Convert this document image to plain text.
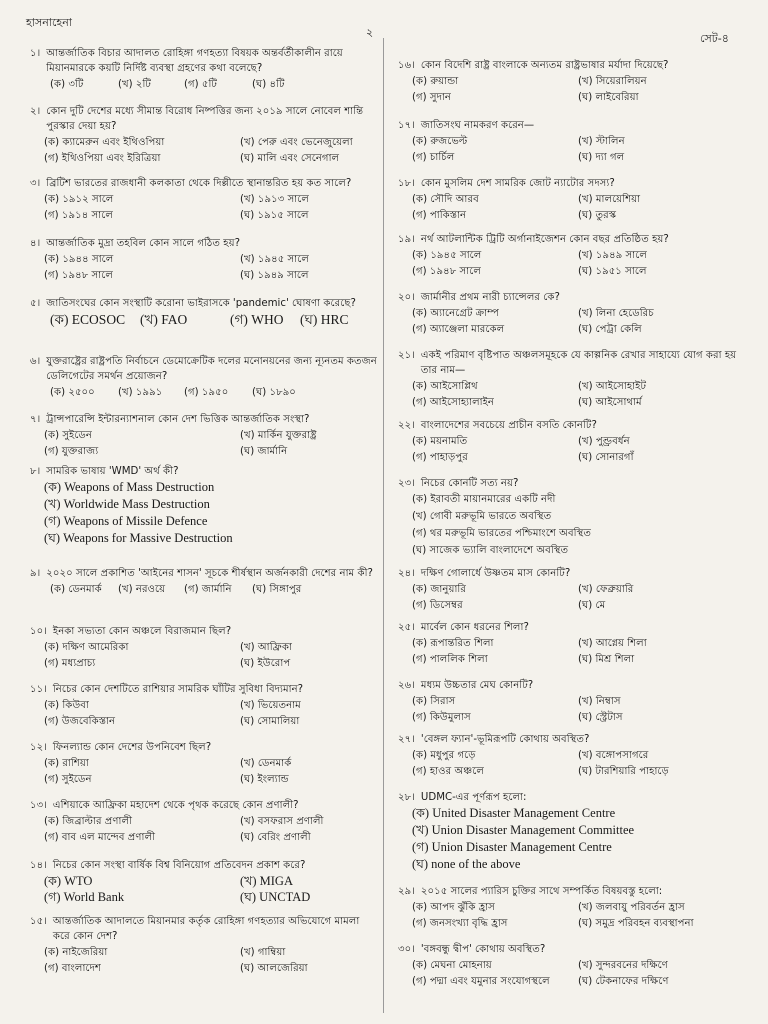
হাসনাহেনা
২	সেট-৪
১। আন্তর্জাতিক বিচার আদালত রোহিঙ্গা গণহত্যা বিষয়ক অন্তর্বর্তীকালীন রায়ে মিয়ানমারকে কয়টি নির্দিষ্ট ব্যবস্থা গ্রহণের কথা বলেছে?
(ক) ৩টি	(খ) ২টি	(গ) ৫টি	(ঘ) ৪টি
২। কোন দুটি দেশের মধ্যে সীমান্ত বিরোধ নিষ্পত্তির জন্য ২০১৯ সালে নোবেল শান্তি পুরস্কার দেয়া হয়?
(ক) ক্যামেরুন এবং ইথিওপিয়া	(খ) পেরু এবং ভেনেজুয়েলা
(গ) ইথিওপিয়া এবং ইরিত্রিয়া	(ঘ) মালি এবং সেনেগাল
৩। ব্রিটিশ ভারতের রাজধানী কলকাতা থেকে দিল্লীতে স্থানান্তরিত হয় কত সালে?
(ক) ১৯১২ সালে	(খ) ১৯১৩ সালে
(গ) ১৯১৪ সালে	(ঘ) ১৯১৫ সালে
৪। আন্তর্জাতিক মুদ্রা তহবিল কোন সালে গঠিত হয়?
(ক) ১৯৪৪ সালে	(খ) ১৯৪৫ সালে
(গ) ১৯৪৮ সালে	(ঘ) ১৯৪৯ সালে
৫। জাতিসংঘের কোন সংস্থাটি করোনা ভাইরাসকে 'pandemic' ঘোষণা করেছে?
(ক) ECOSOC (খ) FAO	(গ) WHO (ঘ) HRC
৬। যুক্তরাষ্ট্রের রাষ্ট্রপতি নির্বাচনে ডেমোক্রেটিক দলের মনোনয়নের জন্য ন্যূনতম কতজন ডেলিগেটের সমর্থন প্রয়োজন?
(ক) ২৫০০ (খ) ১৯৯১ (গ) ১৯৫০ (ঘ) ১৮৯০
৭। ট্রান্সপারেন্সি ইন্টারন্যাশনাল কোন দেশ ভিত্তিক আন্তর্জাতিক সংস্থা?
(ক) সুইডেন	(খ) মার্কিন যুক্তরাষ্ট্র
(গ) যুক্তরাজ্য	(ঘ) জার্মানি
৮। সামরিক ভাষায় 'WMD' অর্থ কী?
(ক) Weapons of Mass Destruction
(খ) Worldwide Mass Destruction
(গ) Weapons of Missile Defence
(ঘ) Weapons for Massive Destruction
৯। ২০২০ সালে প্রকাশিত 'আইনের শাসন' সূচকে শীর্ষস্থান অর্জনকারী দেশের নাম কী?
(ক) ডেনমার্ক (খ) নরওয়ে (গ) জার্মানি (ঘ) সিঙ্গাপুর
১০। ইনকা সভ্যতা কোন অঞ্চলে বিরাজমান ছিল?
(ক) দক্ষিণ আমেরিকা	(খ) আফ্রিকা
(গ) মধ্যপ্রাচ্য	(ঘ) ইউরোপ
১১। নিচের কোন দেশটিতে রাশিয়ার সামরিক ঘাঁটির সুবিধা বিদ্যমান?
(ক) কিউবা	(খ) ভিয়েতনাম
(গ) উজবেকিস্তান	(ঘ) সোমালিয়া
১২। ফিনল্যান্ড কোন দেশের উপনিবেশ ছিল?
(ক) রাশিয়া	(খ) ডেনমার্ক
(গ) সুইডেন	(ঘ) ইংল্যান্ড
১৩। এশিয়াকে আফ্রিকা মহাদেশ থেকে পৃথক করেছে কোন প্রণালী?
(ক) জিব্রাল্টার প্রণালী	(খ) বসফরাস প্রণালী
(গ) বাব এল মান্দেব প্রণালী	(ঘ) বেরিং প্রণালী
১৪। নিচের কোন সংস্থা বার্ষিক বিশ্ব বিনিয়োগ প্রতিবেদন প্রকাশ করে?
(ক) WTO	(খ) MIGA
(গ) World Bank	(ঘ) UNCTAD
১৫। আন্তর্জাতিক আদালতে মিয়ানমার কর্তৃক রোহিঙ্গা গণহত্যার অভিযোগে মামলা করে কোন দেশ?
(ক) নাইজেরিয়া	(খ) গাম্বিয়া
(গ) বাংলাদেশ	(ঘ) আলজেরিয়া
১৬। কোন বিদেশি রাষ্ট্র বাংলাকে অন্যতম রাষ্ট্রভাষার মর্যাদা দিয়েছে?
(ক) রুয়ান্ডা	(খ) সিয়েরালিয়ন
(গ) সুদান	(ঘ) লাইবেরিয়া
১৭। জাতিসংঘ নামকরণ করেন—
(ক) রুজভেল্ট	(খ) স্টালিন
(গ) চার্চিল	(ঘ) দ্যা গল
১৮। কোন মুসলিম দেশ সামরিক জোট ন্যাটোর সদস্য?
(ক) সৌদি আরব	(খ) মালয়েশিয়া
(গ) পাকিস্তান	(ঘ) তুরস্ক
১৯। নর্থ আটলান্টিক ট্রিটি অর্গানাইজেশন কোন বছর প্রতিষ্ঠিত হয়?
(ক) ১৯৪৫ সালে	(খ) ১৯৪৯ সালে
(গ) ১৯৪৮ সালে	(ঘ) ১৯৫১ সালে
২০। জার্মানীর প্রথম নারী চ্যান্সেলর কে?
(ক) অ্যানেগ্রেট ক্রাম্প	(খ) লিনা হেডেরিচ
(গ) অ্যাঞ্জেলা মারকেল	(ঘ) পেট্রা কেলি
২১। একই পরিমাণ বৃষ্টিপাত অঞ্চলসমূহকে যে কাল্পনিক রেখার সাহায্যে যোগ করা হয় তার নাম—
(ক) আইসোপ্লিথ	(খ) আইসোহাইট
(গ) আইসোহ্যালাইন	(ঘ) আইসোথার্ম
২২। বাংলাদেশের সবচেয়ে প্রাচীন বসতি কোনটি?
(ক) ময়নামতি	(খ) পুণ্ড্রবর্ধন
(গ) পাহাড়পুর	(ঘ) সোনারগাঁ
২৩। নিচের কোনটি সত্য নয়?
(ক) ইরাবতী মায়ানমারের একটি নদী
(খ) গোবী মরুভূমি ভারতে অবস্থিত
(গ) থর মরুভূমি ভারতের পশ্চিমাংশে অবস্থিত
(ঘ) সাজেক ভ্যালি বাংলাদেশে অবস্থিত
২৪। দক্ষিণ গোলার্ধে উষ্ণতম মাস কোনটি?
(ক) জানুয়ারি	(খ) ফেব্রুয়ারি
(গ) ডিসেম্বর	(ঘ) মে
২৫। মার্বেল কোন ধরনের শিলা?
(ক) রূপান্তরিত শিলা	(খ) আগ্নেয় শিলা
(গ) পাললিক শিলা	(ঘ) মিশ্র শিলা
২৬। মধ্যম উচ্চতার মেঘ কোনটি?
(ক) সিরাস	(খ) নিম্বাস
(গ) কিউমুলাস	(ঘ) স্ট্রেটাস
২৭। 'বেঙ্গল ফ্যান'-ভূমিরূপটি কোথায় অবস্থিত?
(ক) মধুপুর গড়ে	(খ) বঙ্গোপসাগরে
(গ) হাওর অঞ্চলে	(ঘ) টারশিয়ারি পাহাড়ে
২৮। UDMC-এর পূর্ণরূপ হলো:
(ক) United Disaster Management Centre
(খ) Union Disaster Management Committee
(গ) Union Disaster Management Centre
(ঘ) none of the above
২৯। ২০১৫ সালের প্যারিস চুক্তির সাথে সম্পর্কিত বিষয়বস্তু হলো:
(ক) আপদ ঝুঁকি হ্রাস	(খ) জলবায়ু পরিবর্তন হ্রাস
(গ) জনসংখ্যা বৃদ্ধি হ্রাস	(ঘ) সমুদ্র পরিবহন ব্যবস্থাপনা
৩০। 'বঙ্গবন্ধু দ্বীপ' কোথায় অবস্থিত?
(ক) মেঘনা মোহনায়	(খ) সুন্দরবনের দক্ষিণে
(গ) পদ্মা এবং যমুনার সংযোগস্থলে	(ঘ) টেকনাফের দক্ষিণে
